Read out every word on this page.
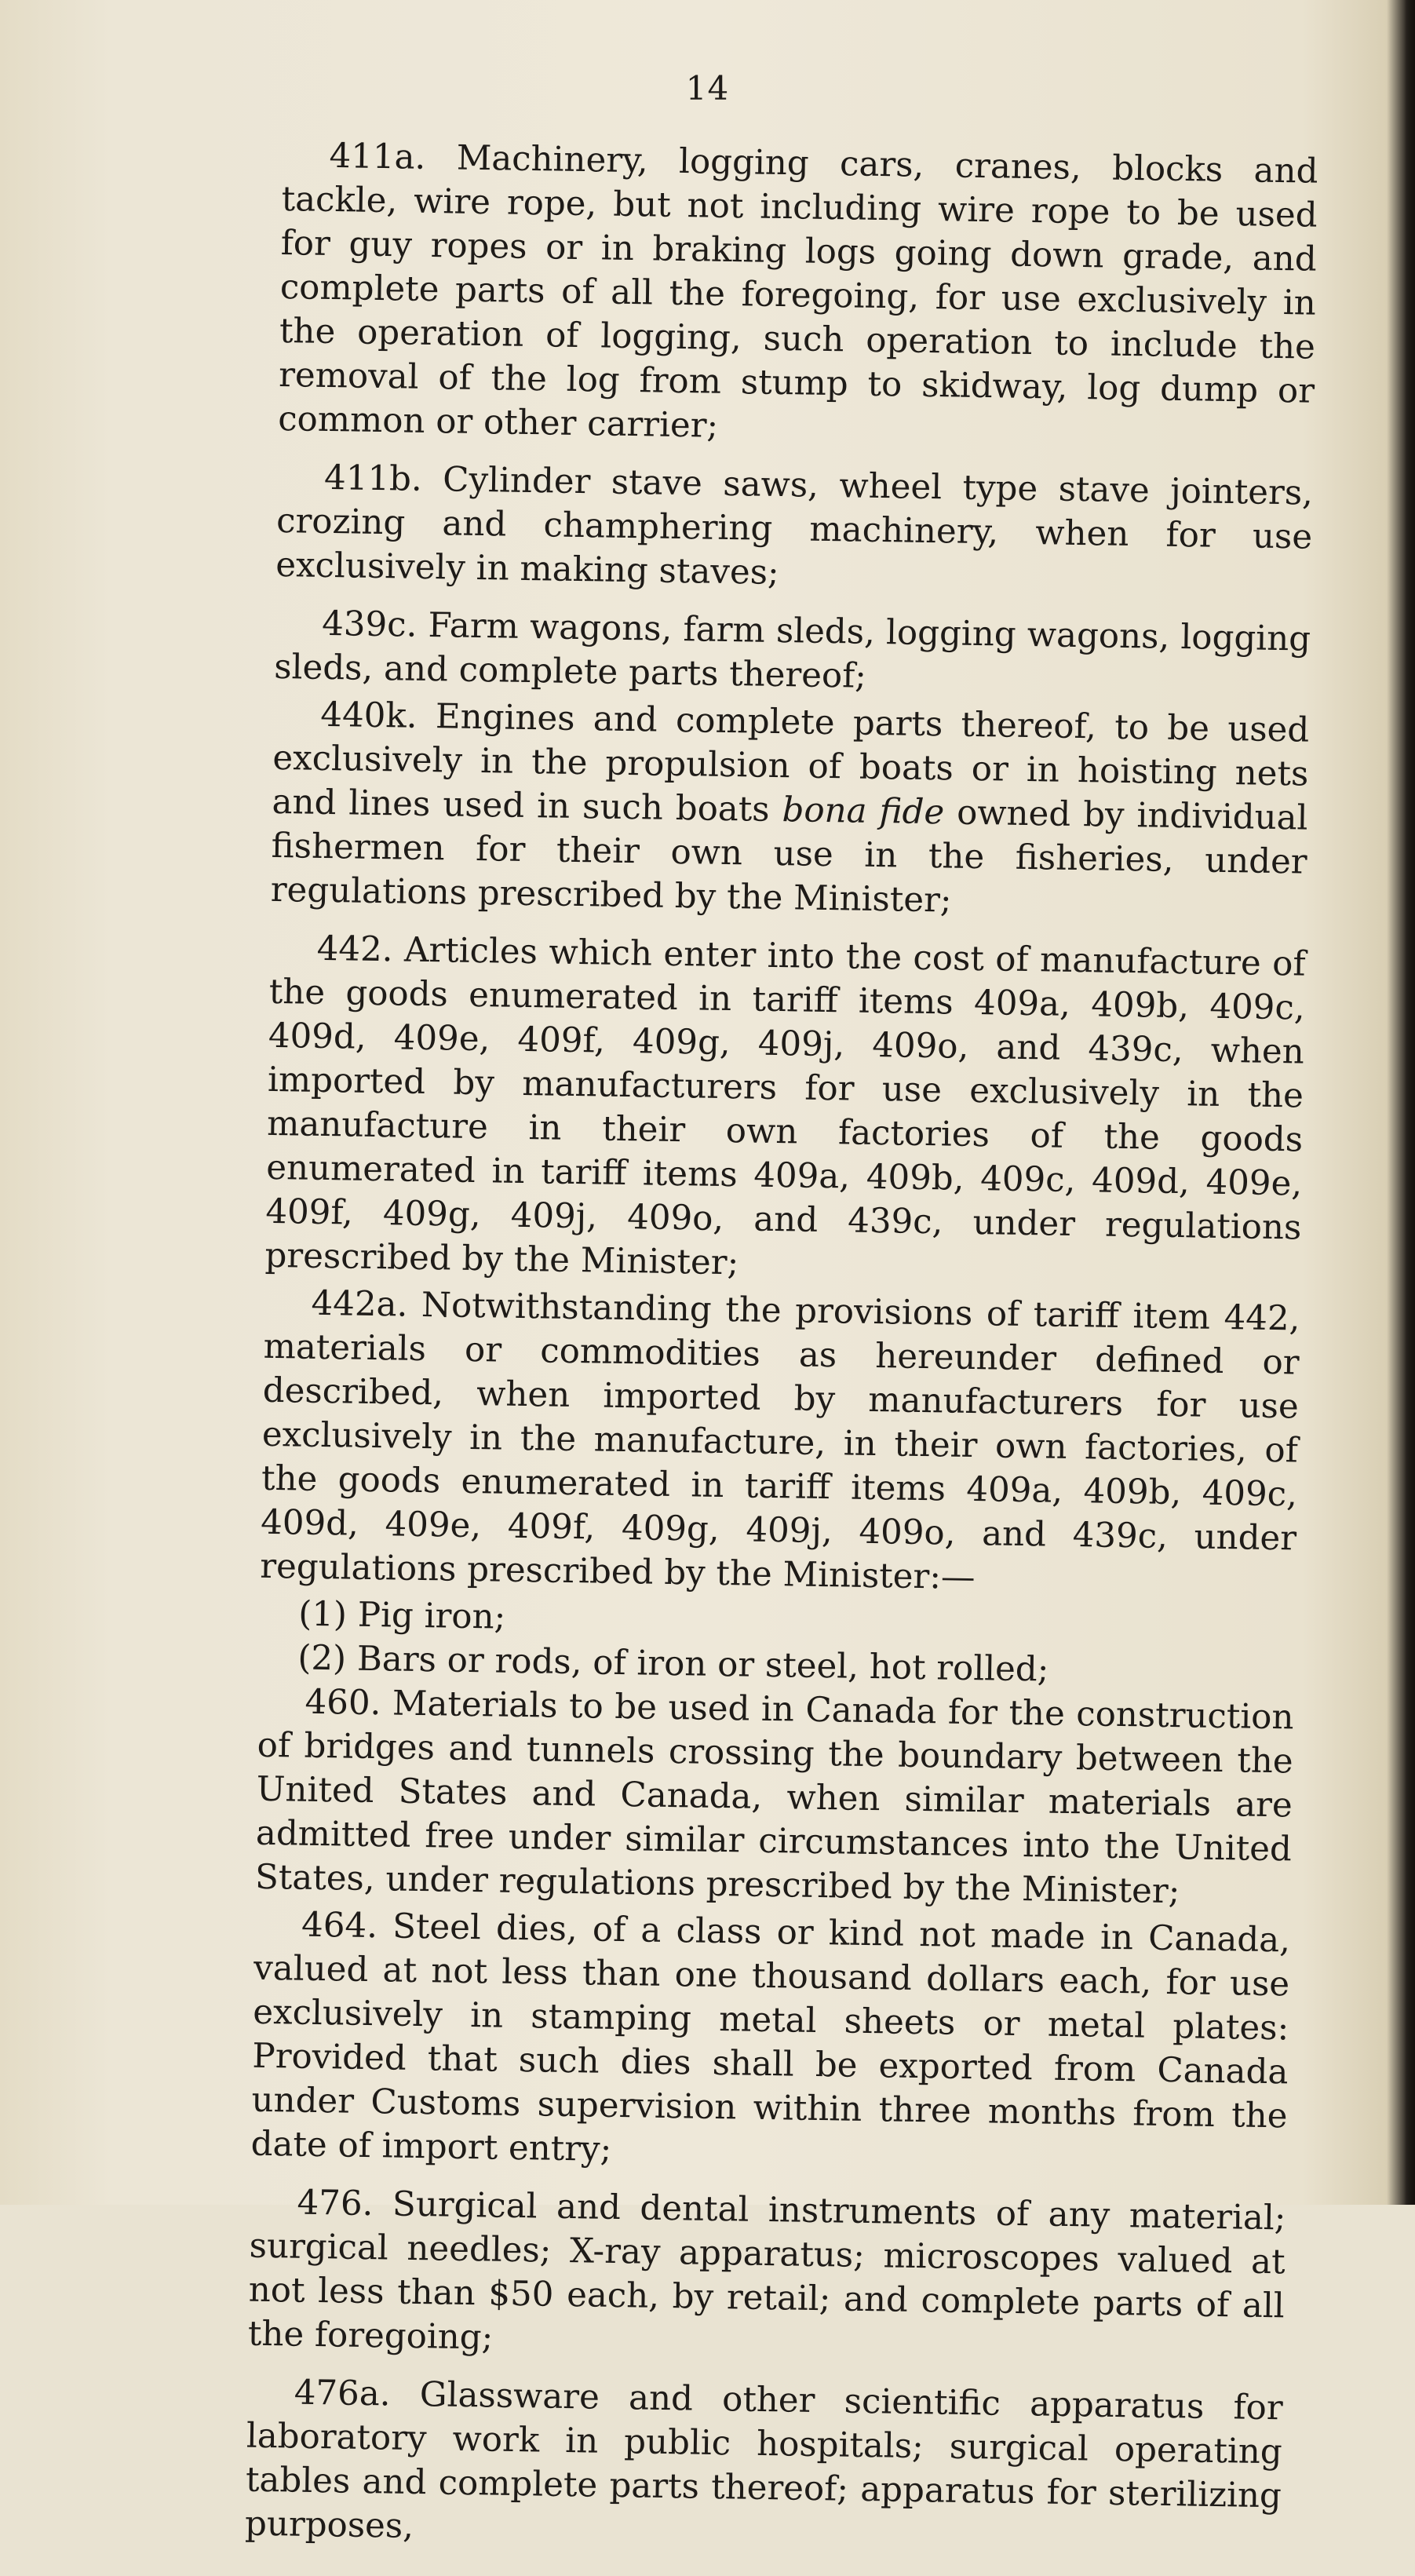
14

411a. Machinery, logging cars, cranes, blocks and tackle, wire rope, but not including wire rope to be used for guy ropes or in braking logs going down grade, and complete parts of all the foregoing, for use exclusively in the operation of logging, such operation to include the removal of the log from stump to skidway, log dump or common or other carrier;

411b. Cylinder stave saws, wheel type stave jointers, crozing and champhering machinery, when for use exclusively in making staves;

439c. Farm wagons, farm sleds, logging wagons, logging sleds, and complete parts thereof;

440k. Engines and complete parts thereof, to be used exclusively in the propulsion of boats or in hoisting nets and lines used in such boats bona fide owned by individual fishermen for their own use in the fisheries, under regulations prescribed by the Minister;

442. Articles which enter into the cost of manufacture of the goods enumerated in tariff items 409a, 409b, 409c, 409d, 409e, 409f, 409g, 409j, 409o, and 439c, when imported by manufacturers for use exclusively in the manufacture in their own factories of the goods enumerated in tariff items 409a, 409b, 409c, 409d, 409e, 409f, 409g, 409j, 409o, and 439c, under regulations prescribed by the Minister;

442a. Notwithstanding the provisions of tariff item 442, materials or commodities as hereunder defined or described, when imported by manufacturers for use exclusively in the manufacture, in their own factories, of the goods enumerated in tariff items 409a, 409b, 409c, 409d, 409e, 409f, 409g, 409j, 409o, and 439c, under regulations prescribed by the Minister:—

(1) Pig iron;

(2) Bars or rods, of iron or steel, hot rolled;

460. Materials to be used in Canada for the construction of bridges and tunnels crossing the boundary between the United States and Canada, when similar materials are admitted free under similar circumstances into the United States, under regulations prescribed by the Minister;

464. Steel dies, of a class or kind not made in Canada, valued at not less than one thousand dollars each, for use exclusively in stamping metal sheets or metal plates: Provided that such dies shall be exported from Canada under Customs supervision within three months from the date of import entry;

476. Surgical and dental instruments of any material; surgical needles; X-ray apparatus; microscopes valued at not less than $50 each, by retail; and complete parts of all the foregoing;

476a. Glassware and other scientific apparatus for laboratory work in public hospitals; surgical operating tables and complete parts thereof; apparatus for sterilizing purposes,
